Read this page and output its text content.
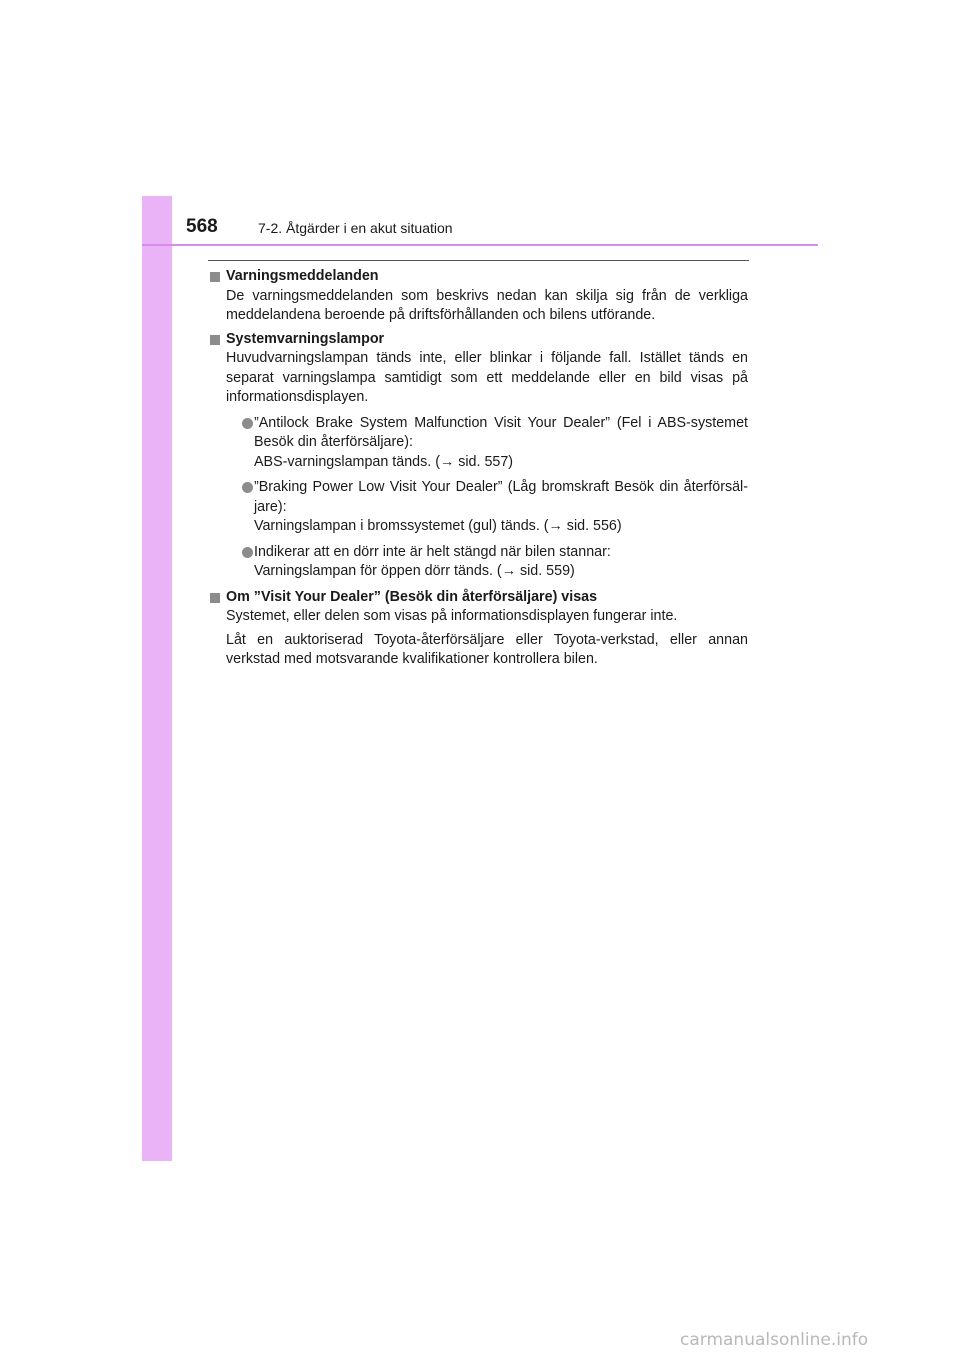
568	7-2. Åtgärder i en akut situation
Varningsmeddelanden
De varningsmeddelanden som beskrivs nedan kan skilja sig från de verkliga meddelandena beroende på driftsförhållanden och bilens utförande.
Systemvarningslampor
Huvudvarningslampan tänds inte, eller blinkar i följande fall. Istället tänds en separat varningslampa samtidigt som ett meddelande eller en bild visas på informationsdisplayen.
”Antilock Brake System Malfunction Visit Your Dealer” (Fel i ABS-systemet
Besök din återförsäljare):
ABS-varningslampan tänds. (→ sid. 557)
”Braking Power Low Visit Your Dealer” (Låg bromskraft Besök din återförsäl-
jare):
Varningslampan i bromssystemet (gul) tänds. (→ sid. 556)
Indikerar att en dörr inte är helt stängd när bilen stannar:
Varningslampan för öppen dörr tänds. (→ sid. 559)
Om ”Visit Your Dealer” (Besök din återförsäljare) visas
Systemet, eller delen som visas på informationsdisplayen fungerar inte.
Låt en auktoriserad Toyota-återförsäljare eller Toyota-verkstad, eller annan verkstad med motsvarande kvalifikationer kontrollera bilen.
carmanualsonline.info
